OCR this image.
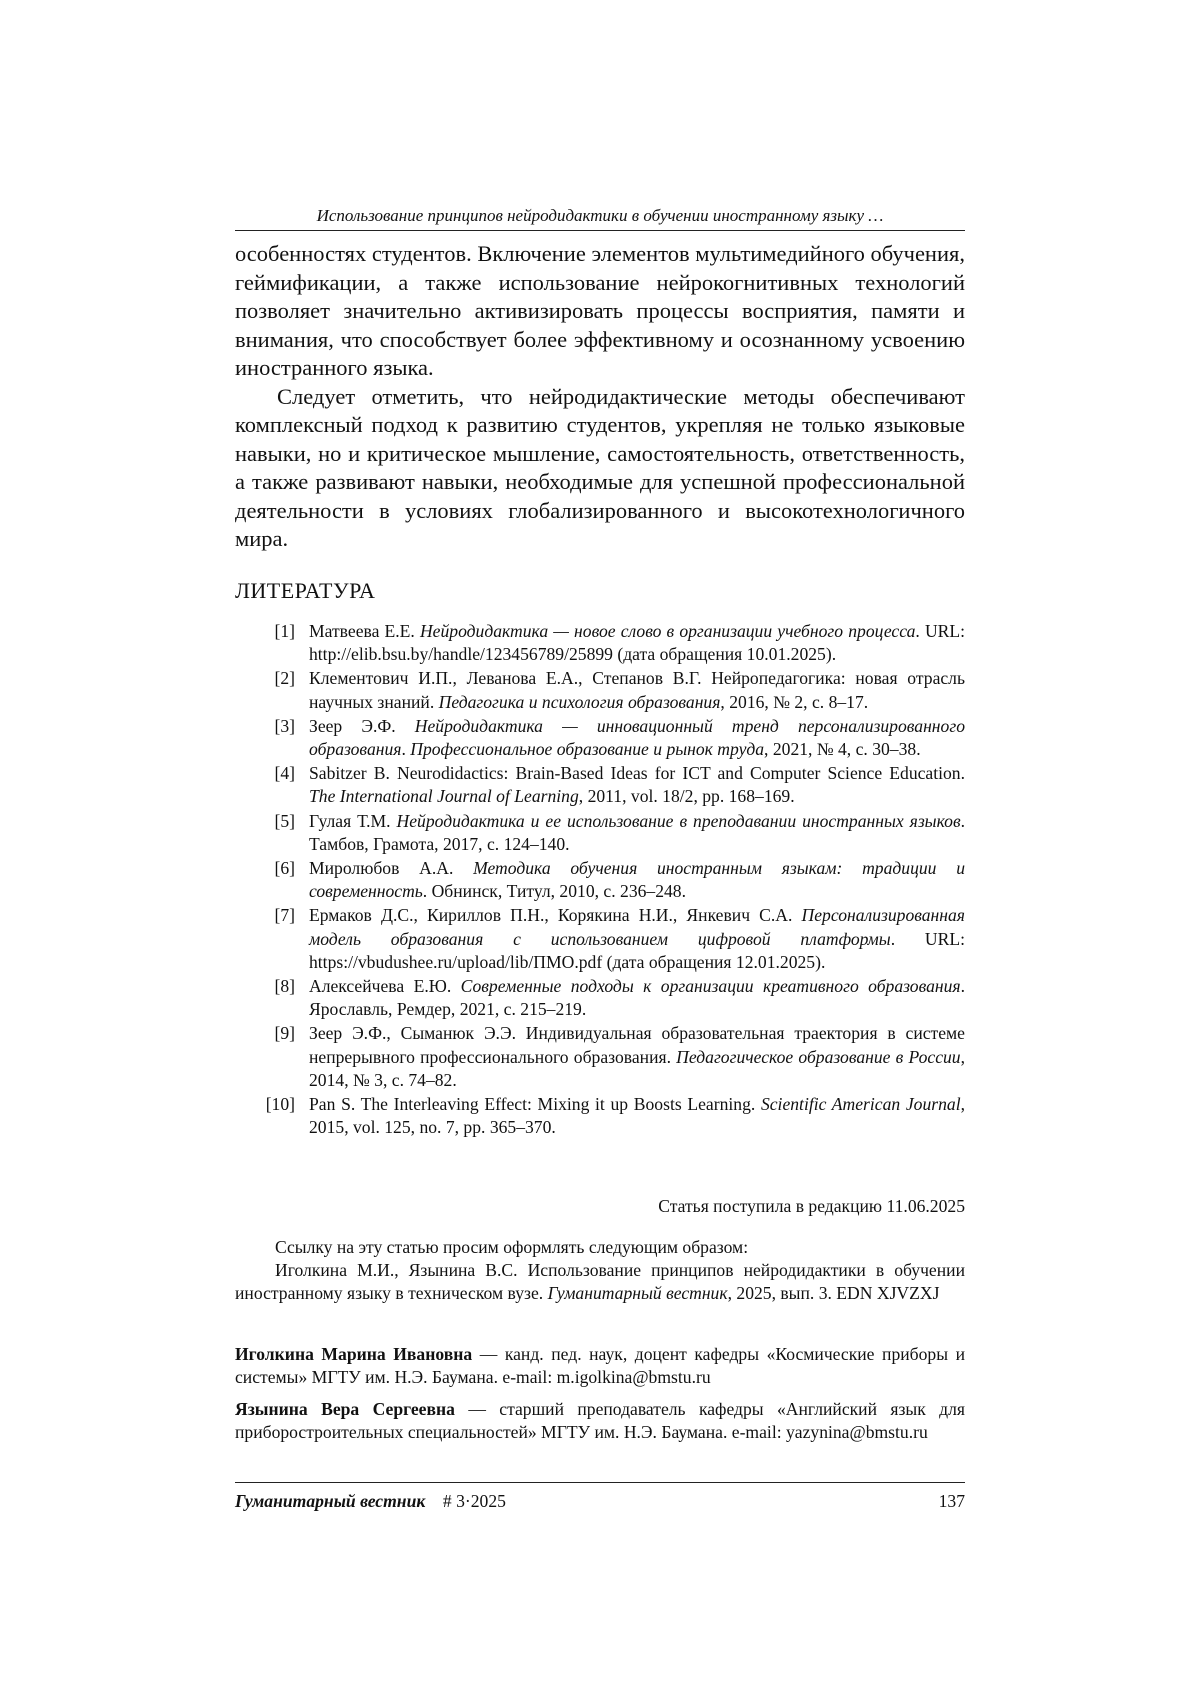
Использование принципов нейродидактики в обучении иностранному языку …

особенностях студентов. Включение элементов мультимедийного обучения, геймификации, а также использование нейрокогнитивных технологий позволяет значительно активизировать процессы восприятия, памяти и внимания, что способствует более эффективному и осознанному усвоению иностранного языка.

Следует отметить, что нейродидактические методы обеспечивают комплексный подход к развитию студентов, укрепляя не только языковые навыки, но и критическое мышление, самостоятельность, ответственность, а также развивают навыки, необходимые для успешной профессиональной деятельности в условиях глобализированного и высокотехнологичного мира.

ЛИТЕРАТУРА
[1] Матвеева Е.Е. Нейродидактика — новое слово в организации учебного процесса. URL: http://elib.bsu.by/handle/123456789/25899 (дата обращения 10.01.2025).
[2] Клементович И.П., Леванова Е.А., Степанов В.Г. Нейропедагогика: новая отрасль научных знаний. Педагогика и психология образования, 2016, № 2, с. 8–17.
[3] Зеер Э.Ф. Нейродидактика — инновационный тренд персонализированного образования. Профессиональное образование и рынок труда, 2021, № 4, с. 30–38.
[4] Sabitzer B. Neurodidactics: Brain-Based Ideas for ICT and Computer Science Education. The International Journal of Learning, 2011, vol. 18/2, pp. 168–169.
[5] Гулая Т.М. Нейродидактика и ее использование в преподавании иностранных языков. Тамбов, Грамота, 2017, с. 124–140.
[6] Миролюбов А.А. Методика обучения иностранным языкам: традиции и современность. Обнинск, Титул, 2010, с. 236–248.
[7] Ермаков Д.С., Кириллов П.Н., Корякина Н.И., Янкевич С.А. Персонализированная модель образования с использованием цифровой платформы. URL: https://vbudushee.ru/upload/lib/ПМО.pdf (дата обращения 12.01.2025).
[8] Алексейчева Е.Ю. Современные подходы к организации креативного образования. Ярославль, Ремдер, 2021, с. 215–219.
[9] Зеер Э.Ф., Сыманюк Э.Э. Индивидуальная образовательная траектория в системе непрерывного профессионального образования. Педагогическое образование в России, 2014, № 3, с. 74–82.
[10] Pan S. The Interleaving Effect: Mixing it up Boosts Learning. Scientific American Journal, 2015, vol. 125, no. 7, pp. 365–370.
Статья поступила в редакцию 11.06.2025

Ссылку на эту статью просим оформлять следующим образом:

Иголкина М.И., Язынина В.С. Использование принципов нейродидактики в обучении иностранному языку в техническом вузе. Гуманитарный вестник, 2025, вып. 3. EDN XJVZXJ

Иголкина Марина Ивановна — канд. пед. наук, доцент кафедры «Космические приборы и системы» МГТУ им. Н.Э. Баумана. e-mail: m.igolkina@bmstu.ru
Язынина Вера Сергеевна — старший преподаватель кафедры «Английский язык для приборостроительных специальностей» МГТУ им. Н.Э. Баумана. e-mail: yazynina@bmstu.ru
Гуманитарный вестник # 3·2025	137
